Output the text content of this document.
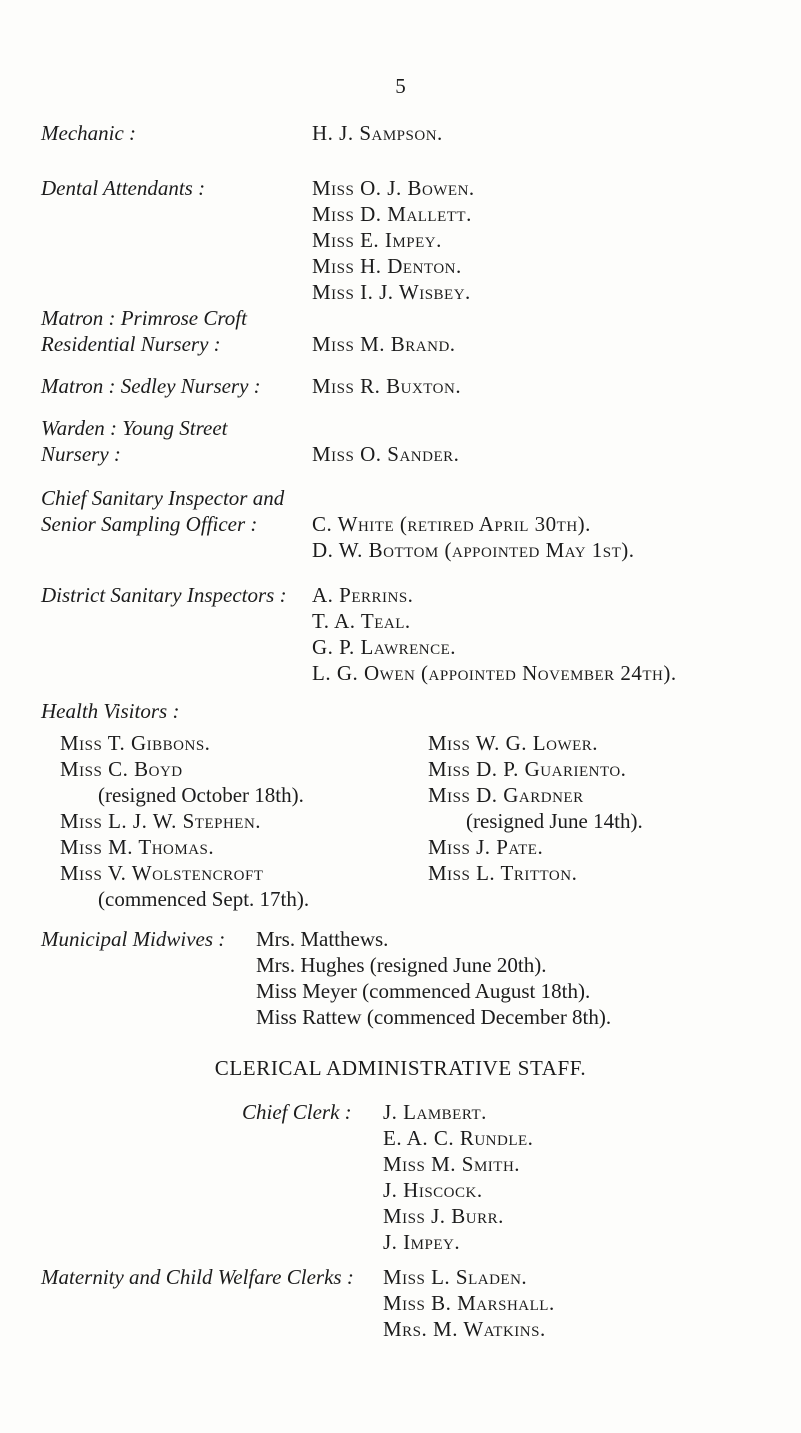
5
Mechanic :	H. J. Sampson.
Dental Attendants :	Miss O. J. Bowen.
Miss D. Mallett.
Miss E. Impey.
Miss H. Denton.
Miss I. J. Wisbey.
Matron : Primrose Croft
Residential Nursery :	Miss M. Brand.
Matron : Sedley Nursery : Miss R. Buxton.
Warden : Young Street
Nursery :	Miss O. Sander.
Chief Sanitary Inspector and
Senior Sampling Officer :	C. White (retired April 30th).
D. W. Bottom (appointed May 1st).
District Sanitary Inspectors : A. Perrins.
T. A. Teal.
G. P. Lawrence.
L. G. Owen (appointed November 24th).
Health Visitors :
Miss T. Gibbons.
Miss C. Boyd
(resigned October 18th).
Miss L. J. W. Stephen.
Miss M. Thomas.
Miss V. Wolstencroft
(commenced Sept. 17th).
Miss W. G. Lower.
Miss D. P. Guariento.
Miss D. Gardner
(resigned June 14th).
Miss J. Pate.
Miss L. Tritton.
Municipal Midwives : Mrs. Matthews.
Mrs. Hughes (resigned June 20th).
Miss Meyer (commenced August 18th).
Miss Rattew (commenced December 8th).
CLERICAL ADMINISTRATIVE STAFF.
Chief Clerk : J. Lambert.
E. A. C. Rundle.
Miss M. Smith.
J. Hiscock.
Miss J. Burr.
J. Impey.
Maternity and Child Welfare Clerks : Miss L. Sladen.
Miss B. Marshall.
Mrs. M. Watkins.
